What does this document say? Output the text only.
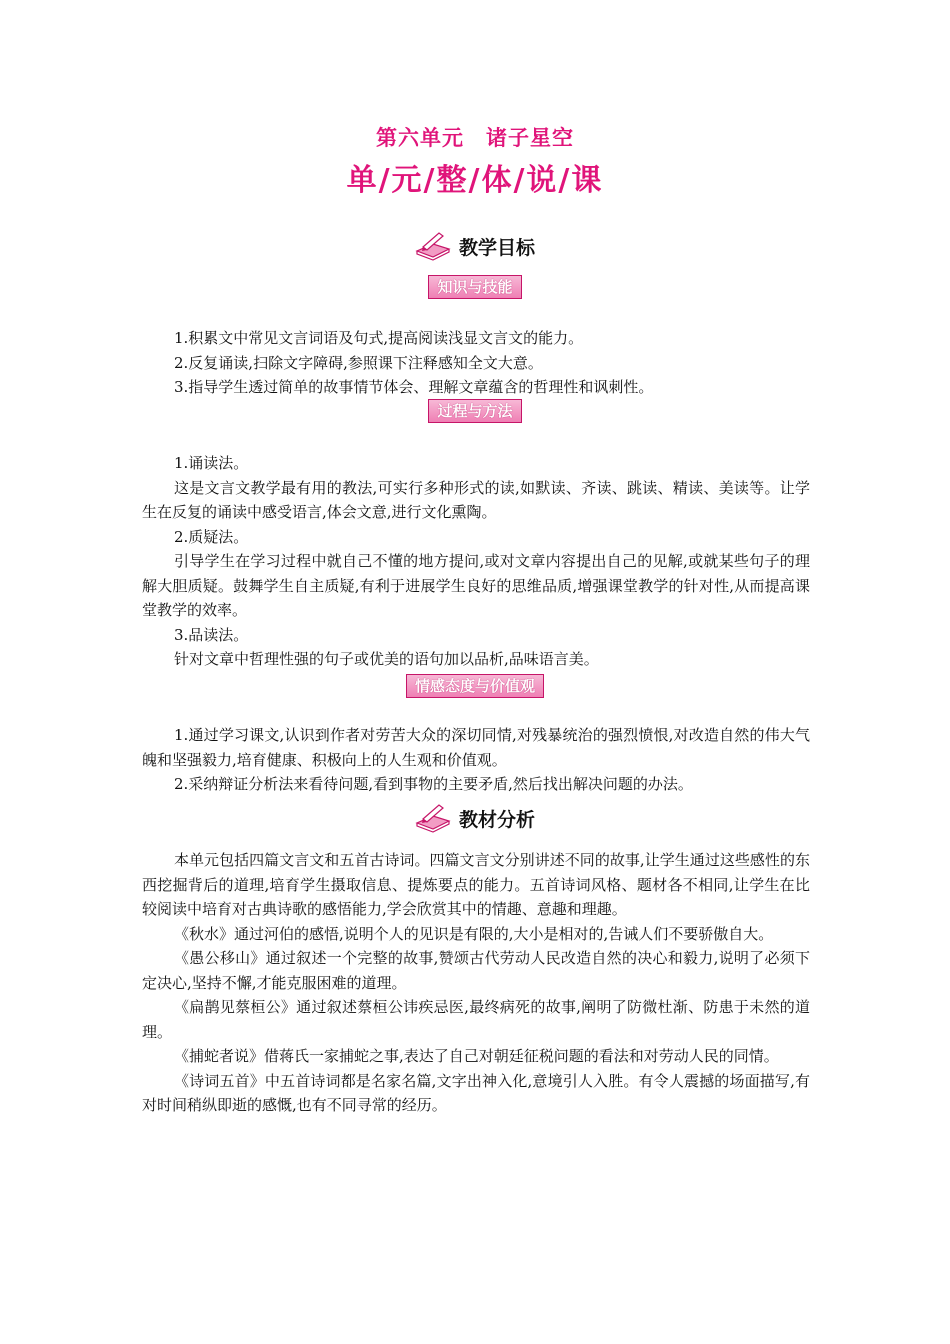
第六单元　诸子星空
单/元/整/体/说/课
教学目标
知识与技能

1.积累文中常见文言词语及句式,提高阅读浅显文言文的能力。

2.反复诵读,扫除文字障碍,参照课下注释感知全文大意。

3.指导学生透过简单的故事情节体会、理解文章蕴含的哲理性和讽刺性。

过程与方法

1.诵读法。

这是文言文教学最有用的教法,可实行多种形式的读,如默读、齐读、跳读、精读、美读等。让学生在反复的诵读中感受语言,体会文意,进行文化熏陶。

2.质疑法。

引导学生在学习过程中就自己不懂的地方提问,或对文章内容提出自己的见解,或就某些句子的理解大胆质疑。鼓舞学生自主质疑,有利于进展学生良好的思维品质,增强课堂教学的针对性,从而提高课堂教学的效率。

3.品读法。

针对文章中哲理性强的句子或优美的语句加以品析,品味语言美。

情感态度与价值观

1.通过学习课文,认识到作者对劳苦大众的深切同情,对残暴统治的强烈愤恨,对改造自然的伟大气魄和坚强毅力,培育健康、积极向上的人生观和价值观。

2.采纳辩证分析法来看待问题,看到事物的主要矛盾,然后找出解决问题的办法。

教材分析

本单元包括四篇文言文和五首古诗词。四篇文言文分别讲述不同的故事,让学生通过这些感性的东西挖掘背后的道理,培育学生摄取信息、提炼要点的能力。五首诗词风格、题材各不相同,让学生在比较阅读中培育对古典诗歌的感悟能力,学会欣赏其中的情趣、意趣和理趣。

《秋水》通过河伯的感悟,说明个人的见识是有限的,大小是相对的,告诫人们不要骄傲自大。

《愚公移山》通过叙述一个完整的故事,赞颂古代劳动人民改造自然的决心和毅力,说明了必须下定决心,坚持不懈,才能克服困难的道理。

《扁鹊见蔡桓公》通过叙述蔡桓公讳疾忌医,最终病死的故事,阐明了防微杜渐、防患于未然的道理。

《捕蛇者说》借蒋氏一家捕蛇之事,表达了自己对朝廷征税问题的看法和对劳动人民的同情。

《诗词五首》中五首诗词都是名家名篇,文字出神入化,意境引人入胜。有令人震撼的场面描写,有对时间稍纵即逝的感慨,也有不同寻常的经历。
